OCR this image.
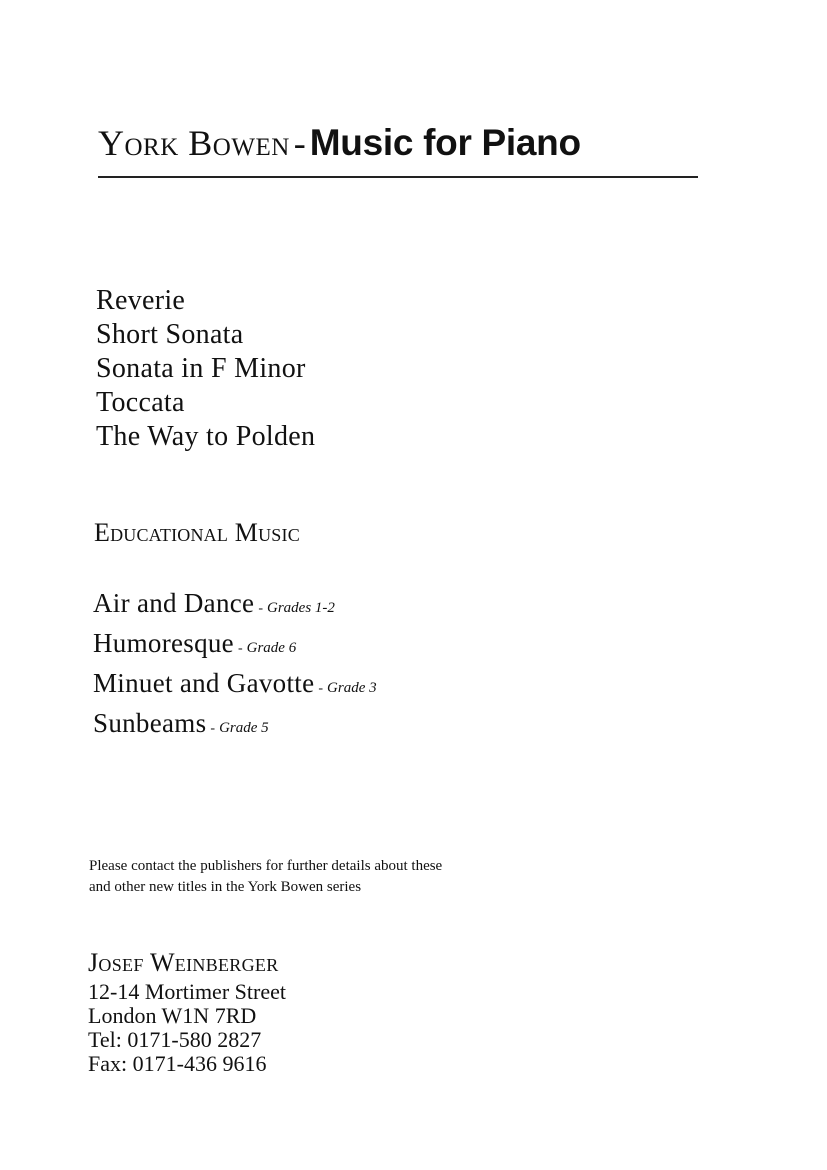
York Bowen - Music for Piano
Reverie
Short Sonata
Sonata in F Minor
Toccata
The Way to Polden
Educational Music
Air and Dance - Grades 1-2
Humoresque - Grade 6
Minuet and Gavotte - Grade 3
Sunbeams - Grade 5
Please contact the publishers for further details about these
and other new titles in the York Bowen series
Josef Weinberger
12-14 Mortimer Street
London W1N 7RD
Tel: 0171-580 2827
Fax: 0171-436 9616
